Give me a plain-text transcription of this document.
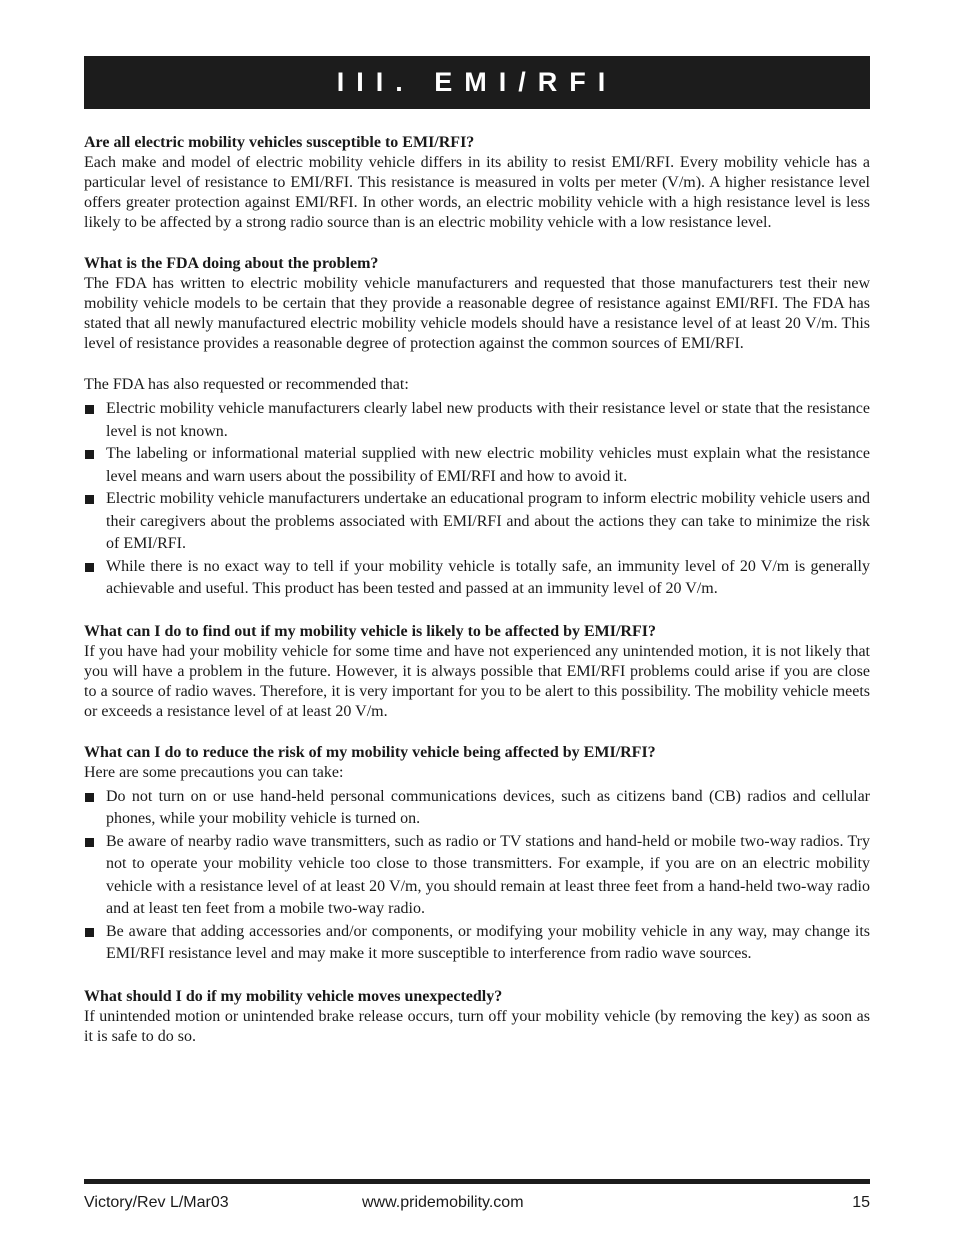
III. EMI/RFI
Are all electric mobility vehicles susceptible to EMI/RFI?
Each make and model of electric mobility vehicle differs in its ability to resist EMI/RFI. Every mobility vehicle has a particular level of resistance to EMI/RFI. This resistance is measured in volts per meter (V/m). A higher resistance level offers greater protection against EMI/RFI. In other words, an electric mobility vehicle with a high resistance level is less likely to be affected by a strong radio source than is an electric mobility vehicle with a low resistance level.
What is the FDA doing about the problem?
The FDA has written to electric mobility vehicle manufacturers and requested that those manufacturers test their new mobility vehicle models to be certain that they provide a reasonable degree of resistance against EMI/RFI. The FDA has stated that all newly manufactured electric mobility vehicle models should have a resistance level of at least 20 V/m. This level of resistance provides a reasonable degree of protection against the common sources of EMI/RFI.
The FDA has also requested or recommended that:
Electric mobility vehicle manufacturers clearly label new products with their resistance level or state that the resistance level is not known.
The labeling or informational material supplied with new electric mobility vehicles must explain what the resistance level means and warn users about the possibility of EMI/RFI and how to avoid it.
Electric mobility vehicle manufacturers undertake an educational program to inform electric mobility vehicle users and their caregivers about the problems associated with EMI/RFI and about the actions they can take to minimize the risk of EMI/RFI.
While there is no exact way to tell if your mobility vehicle is totally safe, an immunity level of 20 V/m is generally achievable and useful. This product has been tested and passed at an immunity level of 20 V/m.
What can I do to find out if my mobility vehicle is likely to be affected by EMI/RFI?
If you have had your mobility vehicle for some time and have not experienced any unintended motion, it is not likely that you will have a problem in the future. However, it is always possible that EMI/RFI problems could arise if you are close to a source of radio waves. Therefore, it is very important for you to be alert to this possibility. The mobility vehicle meets or exceeds a resistance level of at least 20 V/m.
What can I do to reduce the risk of my mobility vehicle being affected by EMI/RFI?
Here are some precautions you can take:
Do not turn on or use hand-held personal communications devices, such as citizens band (CB) radios and cellular phones, while your mobility vehicle is turned on.
Be aware of nearby radio wave transmitters, such as radio or TV stations and hand-held or mobile two-way radios. Try not to operate your mobility vehicle too close to those transmitters. For example, if you are on an electric mobility vehicle with a resistance level of at least 20 V/m, you should remain at least three feet from a hand-held two-way radio and at least ten feet from a mobile two-way radio.
Be aware that adding accessories and/or components, or modifying your mobility vehicle in any way, may change its EMI/RFI resistance level and may make it more susceptible to interference from radio wave sources.
What should I do if my mobility vehicle moves unexpectedly?
If unintended motion or unintended brake release occurs, turn off your mobility vehicle (by removing the key) as soon as it is safe to do so.
Victory/Rev L/Mar03	www.pridemobility.com	15
